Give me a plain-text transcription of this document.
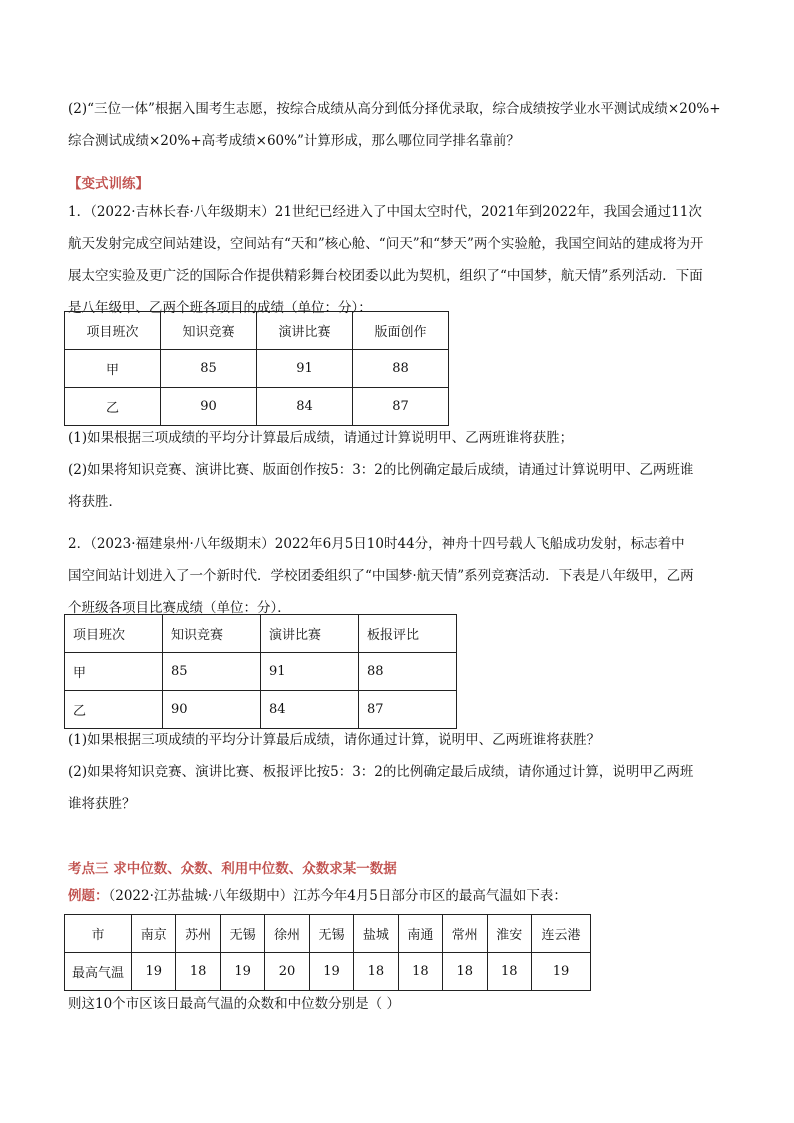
(2)“三位一体”根据入围考生志愿，按综合成绩从高分到低分择优录取，综合成绩按学业水平测试成绩×20%+

综合测试成绩×20%+高考成绩×60%”计算形成，那么哪位同学排名靠前？

【变式训练】

1．（2022·吉林长春·八年级期末）21世纪已经进入了中国太空时代，2021年到2022年，我国会通过11次

航天发射完成空间站建设，空间站有“天和”核心舱、“问天”和“梦天”两个实验舱，我国空间站的建成将为开

展太空实验及更广泛的国际合作提供精彩舞台校团委以此为契机，组织了“中国梦，航天情”系列活动．下面

是八年级甲、乙两个班各项目的成绩（单位：分）：

项目班次	知识竞赛	演讲比赛	版面创作
甲	85	91	88
乙	90	84	87

(1)如果根据三项成绩的平均分计算最后成绩，请通过计算说明甲、乙两班谁将获胜；

(2)如果将知识竞赛、演讲比赛、版面创作按5：3：2的比例确定最后成绩，请通过计算说明甲、乙两班谁

将获胜．

2．（2023·福建泉州·八年级期末）2022年6月5日10时44分，神舟十四号载人飞船成功发射，标志着中

国空间站计划进入了一个新时代．学校团委组织了“中国梦·航天情”系列竞赛活动．下表是八年级甲，乙两

个班级各项目比赛成绩（单位：分）．

项目班次	知识竞赛	演讲比赛	板报评比
甲	85	91	88
乙	90	84	87

(1)如果根据三项成绩的平均分计算最后成绩，请你通过计算，说明甲、乙两班谁将获胜？

(2)如果将知识竞赛、演讲比赛、板报评比按5：3：2的比例确定最后成绩，请你通过计算，说明甲乙两班

谁将获胜？

考点三 求中位数、众数、利用中位数、众数求某一数据
例题：（2022·江苏盐城·八年级期中）江苏今年4月5日部分市区的最高气温如下表：
市	南京	苏州	无锡	徐州	无锡	盐城	南通	常州	淮安	连云港
最高气温	19	18	19	20	19	18	18	18	18	19

则这10个市区该日最高气温的众数和中位数分别是（ ）
